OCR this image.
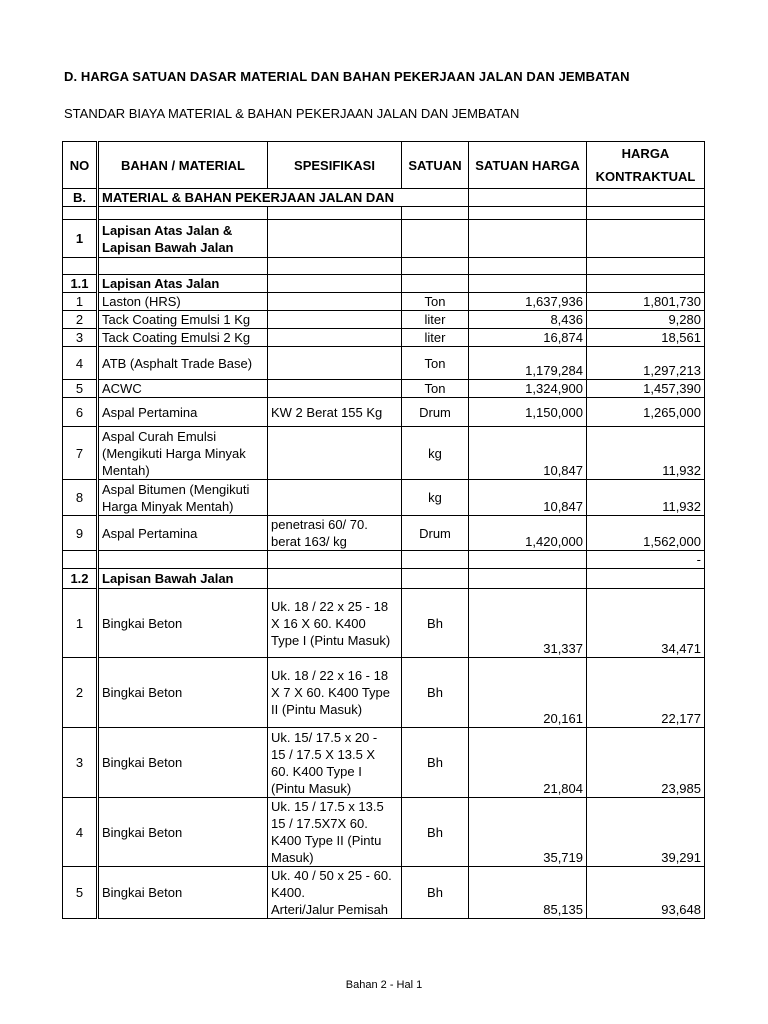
D. HARGA SATUAN DASAR MATERIAL DAN BAHAN PEKERJAAN JALAN DAN JEMBATAN
STANDAR BIAYA MATERIAL & BAHAN PEKERJAAN JALAN DAN JEMBATAN
NO	BAHAN / MATERIAL	SPESIFIKASI	SATUAN	SATUAN HARGA	HARGA
KONTRAKTUAL

B.	MATERIAL & BAHAN PEKERJAAN JALAN DAN				

1	Lapisan Atas Jalan &
Lapisan Bawah Jalan				

1.1	Lapisan Atas Jalan				
1	Laston (HRS)		Ton	1,637,936	1,801,730
2	Tack Coating Emulsi 1 Kg		liter	8,436	9,280
3	Tack Coating Emulsi 2 Kg		liter	16,874	18,561
4	ATB (Asphalt Trade Base)		Ton	1,179,284	1,297,213
5	ACWC		Ton	1,324,900	1,457,390
6	Aspal Pertamina	KW 2 Berat 155 Kg	Drum	1,150,000	1,265,000
7	Aspal Curah Emulsi
(Mengikuti Harga Minyak
Mentah)		kg	10,847	11,932
8	Aspal Bitumen (Mengikuti
Harga Minyak Mentah)		kg	10,847	11,932
9	Aspal Pertamina	penetrasi 60/ 70.
berat 163/ kg	Drum	1,420,000	1,562,000
					-
1.2	Lapisan Bawah Jalan				
1	Bingkai Beton	Uk. 18 / 22 x 25 - 18
X 16 X 60. K400
Type I (Pintu Masuk)	Bh	31,337	34,471
2	Bingkai Beton	Uk. 18 / 22 x 16 - 18
X 7 X 60. K400 Type
II (Pintu Masuk)	Bh	20,161	22,177
3	Bingkai Beton	Uk. 15/ 17.5 x 20 -
15 / 17.5 X 13.5 X
60. K400 Type I
(Pintu Masuk)	Bh	21,804	23,985
4	Bingkai Beton	Uk. 15 / 17.5 x 13.5
15 / 17.5X7X 60.
K400 Type II (Pintu
Masuk)	Bh	35,719	39,291
5	Bingkai Beton	Uk. 40 / 50 x 25 - 60.
K400.
Arteri/Jalur Pemisah	Bh	85,135	93,648
Bahan 2 - Hal 1
